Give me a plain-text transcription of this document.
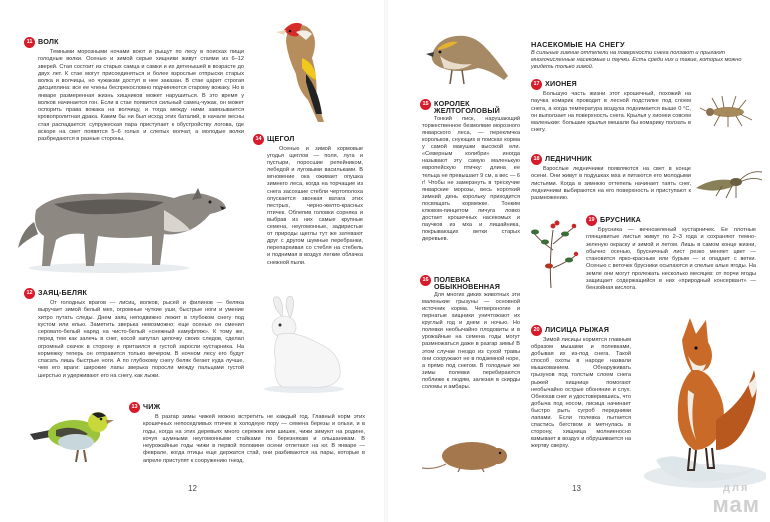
11 ВОЛК
Темными морозными ночами воют и рыщут по лесу в поисках пищи голодные волки. Осенью и зимой серые хищники живут стаями из 6–12 зверей. Стая состоит из старых самца и самки и их детенышей в возрасте до двух лет. К стае могут присоединяться и более взрослые отпрыски старых волка и волчицы, но чужакам доступ в нее заказан. В стае царит строгая дисциплина: все ее члены беспрекословно подчиняются старому вожаку. Но в январе размеренная жизнь хищников может нарушиться. В это время у волков начинается гон. Если в стае появится сильный самец-чужак, он может оспорить права вожака на волчицу, и тогда между ними завязывается кровопролитная драка. Каким бы ни был исход этих баталий, в начале весны стая распадается: супружеская пара приступает к обустройству логова, где вскоре на свет появятся 5–6 голых и слепых волчат, а молодые волки разбредаются в разные стороны.
12 ЗАЯЦ-БЕЛЯК
От голодных врагов — лисиц, волков, рысей и филинов — беляка выручает зимой белый мех, огромные чуткие уши, быстрые ноги и умение хитро путать следы. Днем заяц неподвижно лежит в глубоком снегу под кустом или елью. Заметить зверька невозможно: еще осенью он сменил серовато-белый наряд на чисто-белый «снежный камуфляж». К тому же, перед тем как залечь в снег, косой запутал цепочку своих следов, сделал огромный скачок в сторону и притаился в густой заросли кустарника. На кормежку теперь он отправится только вечером. В ночном лесу его будут спасать лишь быстрые ноги. А по глубокому снегу беляк бегает куда лучше, чем его враги: широкие лапы зверька поросли между пальцами густой шерстью и удерживают его на снегу, как лыжи.
13 ЧИЖ
В разгар зимы чижей можно встретить не каждый год. Главный корм этих крошечных непоседливых птичек в холодную пору — семена березы и ольхи, и в годы, когда на этих деревьях много сережек или шишек, чижи зимуют на родине, кочуя шумными неугомонными стайками по березнякам и ольшаникам. В неурожайные годы чижи в первой половине осени отлетают на юг. В январе — феврале, когда птицы еще держатся стай, они разбиваются на пары, которые в апреле приступят к сооружению гнезд.
14 ЩЕГОЛ
Осенью и зимой кормовые угодья щеглов — поля, луга и пустыри, поросшие репейником, лебедой и луговыми васильками. В мгновение ока оживает опушка зимнего леса, когда на торчащие из снега засохшие стебли чертополоха опускается звонкая ватага этих пестрых, черно-желто-красных птичек. Облепив головки сорняка и выбрав из них самые крупные семена, неугомонные, задиристые от природы щеглы тут же затевают друг с другом шумные перебранки, перепархивая со стебля на стебель и поднимая в воздух легкие облачка снежной пыли.
12
15 КОРОЛЕК ЖЕЛТОГОЛОВЫЙ
Тонкий писк, нарушающий торжественное безмолвие морозного январского леса, — перекличка корольков, снующих в поисках корма у самой макушки высокой ели. «Северным колибри» иногда называют эту самую маленькую европейскую птичку: длина ее тельца не превышает 9 см, а вес — 6 г! Чтобы не замерзнуть в трескучие январские морозы, весь короткий зимний день корольку приходится посвящать кормежке. Тонким клювом-пинцетом пичуга ловко достает крошечных насекомых и паучков из мха и лишайника, покрывающих ветки старых деревьев.
16 ПОЛЕВКА ОБЫКНОВЕННАЯ
Для многих диких животных эти маленькие грызуны — основной источник корма. Четвероногие и пернатые хищники уничтожают их круглый год и днем и ночью. Но полевки необычайно плодовиты и в урожайные на семена годы могут размножаться даже в разгар зимы! В этом случае гнездо из сухой травы они сооружают не в подземной норе, а прямо под снегом. В голодные же зимы полевки перебираются поближе к людям, залезая в скирды соломы и амбары.
НАСЕКОМЫЕ НА СНЕГУ
В сильные зимние оттепели на поверхности снега ползают и прыгают многочисленные насекомые и паучки. Есть среди них и такие, которых можно увидеть только зимой.
17 ХИОНЕЯ
Большую часть жизни этот крошечный, похожий на паучка комарик проводит в лесной подстилке под слоем снега, а когда температура воздуха поднимается выше 0 °С, он выползает на поверхность снега. Крылья у хионеи совсем маленькие: большие крылья мешали бы комарику ползать в снегу.
18 ЛЕДНИЧНИК
Взрослые ледничники появляются на свет в конце осени. Они живут в подушках мха и питаются его молодыми листьями. Когда в зимнюю оттепель начинает таять снег, ледничники выбираются на его поверхность и приступают к размножению.
19 БРУСНИКА
Брусника — вечнозеленый кустарничек. Ее плотные глянцевитые листья живут по 2–3 года и сохраняют темно-зеленую окраску и зимой и летом. Лишь в самом конце жизни, обычно осенью, брусничный лист резко меняет цвет — становится ярко-красным или бурым — и опадает с ветки. Осенью с веточек брусники осыпаются и спелые алые ягоды. На земле они могут пролежать несколько месяцев: от порчи ягоды защищает содержащийся в них «природный консервант» — бензойная кислота.
20 ЛИСИЦА РЫЖАЯ
Зимой лисицы кормятся главным образом мышами и полевками, добывая их из-под снега. Такой способ охоты в народе назвали мышкованием. Обнаруживать грызунов под толстым слоем снега рыжей хищнице помогают необычайно острые обоняние и слух. Обнюхав снег и удостоверившись, что добыча под носом, лисица начинает быстро рыть сугроб передними лапами. Если полевка пытается спастись бегством и метнулась в сторону, хищница молниеносно взмывает в воздух и обрушивается на жертву сверху.
13	для
мам
